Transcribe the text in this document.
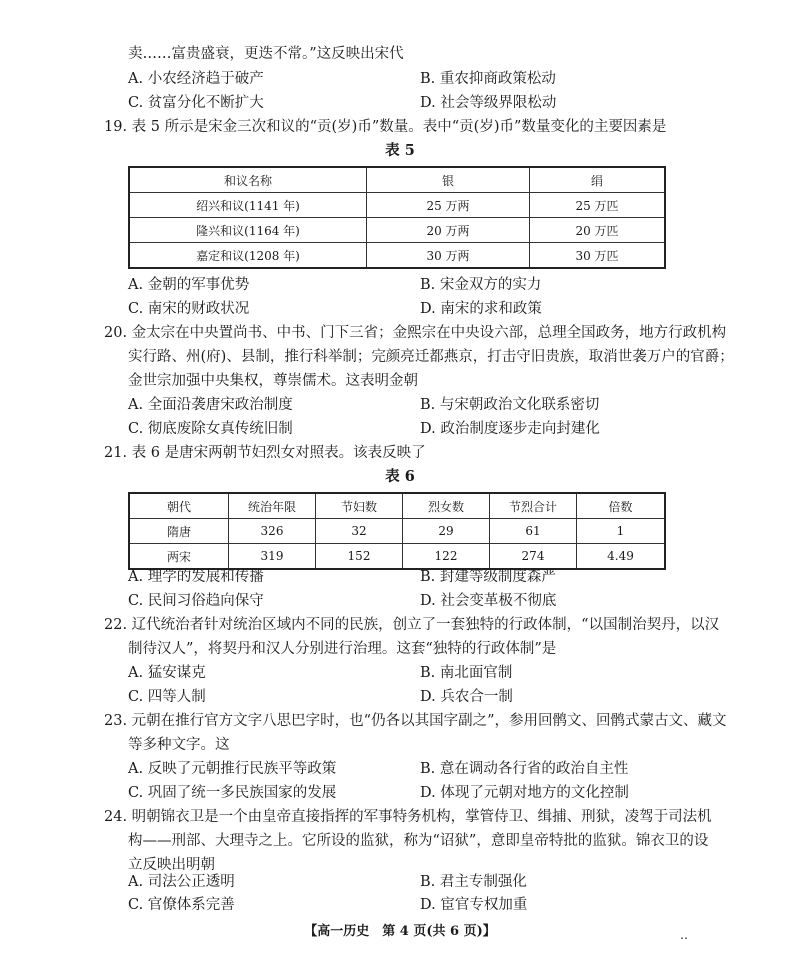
卖……富贵盛衰，更迭不常。”这反映出宋代
A. 小农经济趋于破产	B. 重农抑商政策松动
C. 贫富分化不断扩大	D. 社会等级界限松动
19. 表 5 所示是宋金三次和议的“贡(岁)币”数量。表中“贡(岁)币”数量变化的主要因素是
表 5
和议名称	银	绢
绍兴和议(1141 年)	25 万两	25 万匹
隆兴和议(1164 年)	20 万两	20 万匹
嘉定和议(1208 年)	30 万两	30 万匹
A. 金朝的军事优势	B. 宋金双方的实力
C. 南宋的财政状况	D. 南宋的求和政策
20. 金太宗在中央置尚书、中书、门下三省；金熙宗在中央设六部，总理全国政务，地方行政机构
实行路、州(府)、县制，推行科举制；完颜亮迁都燕京，打击守旧贵族，取消世袭万户的官爵；
金世宗加强中央集权，尊崇儒术。这表明金朝
A. 全面沿袭唐宋政治制度	B. 与宋朝政治文化联系密切
C. 彻底废除女真传统旧制	D. 政治制度逐步走向封建化
21. 表 6 是唐宋两朝节妇烈女对照表。该表反映了
表 6
朝代	统治年限	节妇数	烈女数	节烈合计	倍数
隋唐	326	32	29	61	1
两宋	319	152	122	274	4.49
A. 理学的发展和传播	B. 封建等级制度森严
C. 民间习俗趋向保守	D. 社会变革极不彻底
22. 辽代统治者针对统治区域内不同的民族，创立了一套独特的行政体制，“以国制治契丹，以汉
制待汉人”，将契丹和汉人分别进行治理。这套“独特的行政体制”是
A. 猛安谋克	B. 南北面官制
C. 四等人制	D. 兵农合一制
23. 元朝在推行官方文字八思巴字时，也“仍各以其国字副之”，参用回鹘文、回鹘式蒙古文、藏文
等多种文字。这
A. 反映了元朝推行民族平等政策	B. 意在调动各行省的政治自主性
C. 巩固了统一多民族国家的发展	D. 体现了元朝对地方的文化控制
24. 明朝锦衣卫是一个由皇帝直接指挥的军事特务机构，掌管侍卫、缉捕、刑狱，凌驾于司法机
构——刑部、大理寺之上。它所设的监狱，称为“诏狱”，意即皇帝特批的监狱。锦衣卫的设
立反映出明朝
A. 司法公正透明	B. 君主专制强化
C. 官僚体系完善	D. 宦官专权加重
【高一历史　第 4 页(共 6 页)】	‥
